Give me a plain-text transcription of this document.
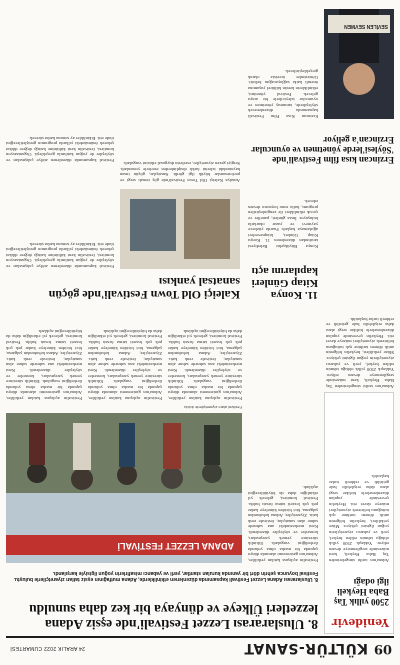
09
KÜLTÜR-SANAT
24 ARALIK 2022 CUMARTESİ
Yenidevir
2500 yıllık Taş Baba Heykeli ilgi odağı
Adana'nın tarihi simgelerinden Taş Baba Heykeli, kent müzesinde sergilenmeye devam ediyor. Yaklaşık 2500 yıllık olduğu tahmin edilen heykel, yerli ve yabancı ziyaretçilerin yoğun ilgisini çekiyor. Müze yetkilileri, heykelin bölgenin antik dönem tarihine ışık tuttuğunu belirterek ziyaretçileri müzeye davet etti. Heykelin çevresinde yapılan düzenlemelerle birlikte sergi alanı daha erişilebilir hale getirildi ve rehberli turlar başlatıldı.
Adana'nın tarihi simgelerinden Taş Baba Heykeli, kent müzesinde sergilenmeye devam ediyor. Yaklaşık 2500 yıllık olduğu tahmin edilen heykel, yerli ve yabancı ziyaretçilerin yoğun ilgisini çekiyor. Müze yetkilileri, heykelin bölgenin antik dönem tarihine ışık tuttuğunu belirterek ziyaretçileri müzeye davet etti. Heykelin çevresinde yapılan düzenlemelerle birlikte sergi alanı daha erişilebilir hale getirildi ve rehberli turlar başlatıldı.
8. Uluslararası Lezzet Festivali'nde eşsiz Adana lezzetleri Ülkeye ve dünyaya bir kez daha sunuldu
8. Uluslararası Adana Lezzet Festivali kapsamında düzenlenen etkinliklerde, Adana mutfağının eşsiz tatları ziyaretçilerle buluştu. Festival boyunca şehrin dört bir yanında kurulan stantlar, yerli ve yabancı misafirlerin yoğun ilgisiyle karşılandı.
Festivalin açılışına katılan yetkililer, Adana'nın gastronomi alanında dünya çapında bir marka olma yolunda ilerlediğini vurguladı. Etkinlik süresince yemek yarışmaları, konserler ve söyleşiler düzenlendi. Kent merkezindeki ana sahnede sahne alan sanatçılar, festivale renk kattı. Ziyaretçiler, Adana kebabından şalgama, bici biciden künefeye kadar pek çok lezzeti tatma fırsatı buldu. Festival komitesi, gelecek yıl etkinliğin daha da büyütüleceğini açıkladı.
ADANA LEZZET FESTİVALİ
Festival alanı ziyaretçilerle doldu
Festivalin açılışına katılan yetkililer, Adana'nın gastronomi alanında dünya çapında bir marka olma yolunda ilerlediğini vurguladı. Etkinlik süresince yemek yarışmaları, konserler ve söyleşiler düzenlendi. Kent merkezindeki ana sahnede sahne alan sanatçılar, festivale renk kattı. Ziyaretçiler, Adana kebabından şalgama, bici biciden künefeye kadar pek çok lezzeti tatma fırsatı buldu. Festival komitesi, gelecek yıl etkinliğin daha da büyütüleceğini açıkladı.
Festivalin açılışına katılan yetkililer, Adana'nın gastronomi alanında dünya çapında bir marka olma yolunda ilerlediğini vurguladı. Etkinlik süresince yemek yarışmaları, konserler ve söyleşiler düzenlendi. Kent merkezindeki ana sahnede sahne alan sanatçılar, festivale renk kattı. Ziyaretçiler, Adana kebabından şalgama, bici biciden künefeye kadar pek çok lezzeti tatma fırsatı buldu. Festival komitesi, gelecek yıl etkinliğin daha da büyütüleceğini açıkladı.
Festivalin açılışına katılan yetkililer, Adana'nın gastronomi alanında dünya çapında bir marka olma yolunda ilerlediğini vurguladı. Etkinlik süresince yemek yarışmaları, konserler ve söyleşiler düzenlendi. Kent merkezindeki ana sahnede sahne alan sanatçılar, festivale renk kattı. Ziyaretçiler, Adana kebabından şalgama, bici biciden künefeye kadar pek çok lezzeti tatma fırsatı buldu. Festival komitesi, gelecek yıl etkinliğin daha da büyütüleceğini açıkladı.
11. Konya Kitap Günleri kapılarını açtı
Konya Büyükşehir Belediyesi tarafından düzenlenen 11. Konya Kitap Günleri, kitapseverleri ağırlamaya başladı. Fuarda yüzlerce yayınevi ve yazar okurlarla buluşuyor. İmza günleri, paneller ve çocuk etkinlikleri ile zenginleştirilen program, hafta sonu boyunca devam edecek.
Erzincan kısa film Festivali'nde 'Söylesi'lerde yönetmen ve oyuncular Erzincan'a geliyor
SEVİLEN SEVMEN
Erzincan Kısa Film Festivali kapsamında düzenlenecek söyleşilerde, tanınmış yönetmen ve oyuncular izleyicilerle bir araya gelecek. Festival yönetimi, etkinliklerin kentin kültürel yaşamına önemli katkı sağlayacağını belirtti. Gösterimler ücretsiz olarak gerçekleştirilecek.
Kaleiçi Old Town Festivali'nde göçün sanatsal yankısı
Festival kapsamında düzenlenen atölye çalışmaları ve söyleşiler de yoğun katılımla gerçekleşti. Organizasyon komitesi, festivalin kent kültürüne kattığı değere dikkat çekerek önümüzdeki yıllarda programın genişletileceğini ifade etti. Etkinlikler ay sonuna kadar sürecek.
Antalya Kaleiçi Old Town Festivali'nde göç temalı sergi ve performanslar büyük ilgi gördü. Sanatçılar, göçün insan hayatındaki izlerini farklı disiplinlerden eserlerle yorumladı. Sergiyi gezen ziyaretçiler, eserlerin duygusal etkisini vurguladı.
Festival kapsamında düzenlenen atölye çalışmaları ve söyleşiler de yoğun katılımla gerçekleşti. Organizasyon komitesi, festivalin kent kültürüne kattığı değere dikkat çekerek önümüzdeki yıllarda programın genişletileceğini ifade etti. Etkinlikler ay sonuna kadar sürecek.
